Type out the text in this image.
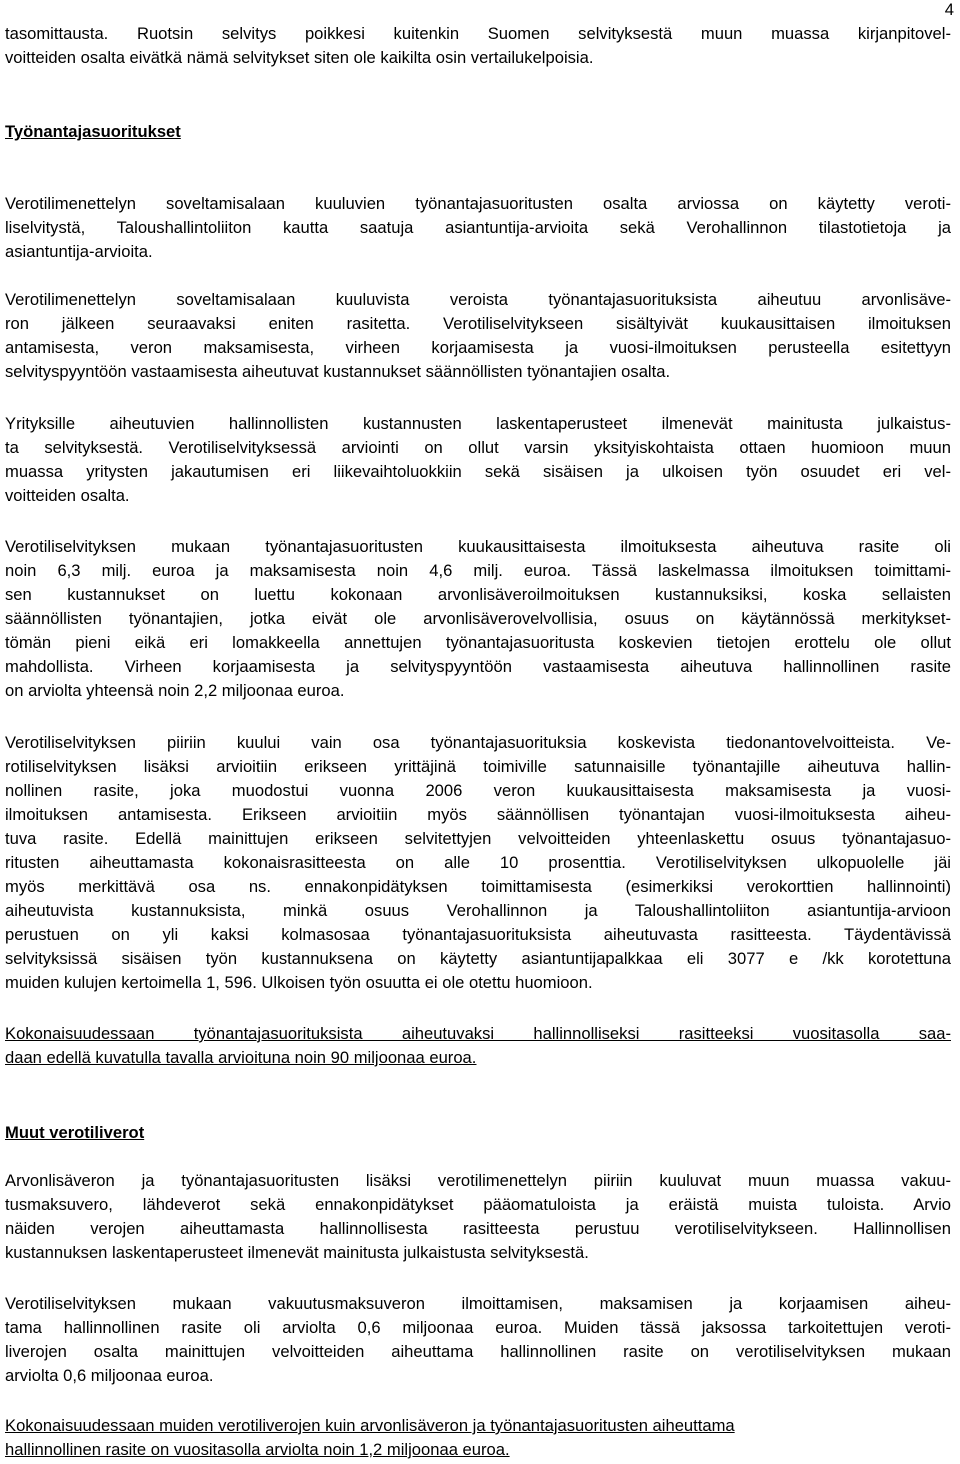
4
tasomittausta. Ruotsin selvitys poikkesi kuitenkin Suomen selvityksestä muun muassa kirjanpitovel-
voitteiden osalta eivätkä nämä selvitykset siten ole kaikilta osin vertailukelpoisia.
Työnantajasuoritukset
Verotilimenettelyn soveltamisalaan kuuluvien työnantajasuoritusten osalta arviossa on käytetty veroti-
liselvitystä, Taloushallintoliiton kautta saatuja asiantuntija-arvioita sekä Verohallinnon tilastotietoja ja
asiantuntija-arvioita.
Verotilimenettelyn soveltamisalaan kuuluvista veroista työnantajasuorituksista aiheutuu arvonlisäve-
ron jälkeen seuraavaksi eniten rasitetta. Verotiliselvitykseen sisältyivät kuukausittaisen ilmoituksen
antamisesta, veron maksamisesta, virheen korjaamisesta ja vuosi-ilmoituksen perusteella esitettyyn
selvityspyyntöön vastaamisesta aiheutuvat kustannukset säännöllisten työnantajien osalta.
Yrityksille aiheutuvien hallinnollisten kustannusten laskentaperusteet ilmenevät mainitusta julkaistus-
ta selvityksestä. Verotiliselvityksessä arviointi on ollut varsin yksityiskohtaista ottaen huomioon muun
muassa yritysten jakautumisen eri liikevaihtoluokkiin sekä sisäisen ja ulkoisen työn osuudet eri vel-
voitteiden osalta.
Verotiliselvityksen mukaan työnantajasuoritusten kuukausittaisesta ilmoituksesta aiheutuva rasite oli
noin 6,3 milj. euroa ja maksamisesta noin 4,6 milj. euroa. Tässä laskelmassa ilmoituksen toimittami-
sen kustannukset on luettu kokonaan arvonlisäveroilmoituksen kustannuksiksi, koska sellaisten
säännöllisten työnantajien, jotka eivät ole arvonlisäverovelvollisia, osuus on käytännössä merkitykset-
tömän pieni eikä eri lomakkeella annettujen työnantajasuoritusta koskevien tietojen erottelu ole ollut
mahdollista. Virheen korjaamisesta ja selvityspyyntöön vastaamisesta aiheutuva hallinnollinen rasite
on arviolta yhteensä noin 2,2 miljoonaa euroa.
Verotiliselvityksen piiriin kuului vain osa työnantajasuorituksia koskevista tiedonantovelvoitteista. Ve-
rotiliselvityksen lisäksi arvioitiin erikseen yrittäjinä toimiville satunnaisille työnantajille aiheutuva hallin-
nollinen rasite, joka muodostui vuonna 2006 veron kuukausittaisesta maksamisesta ja vuosi-
ilmoituksen antamisesta. Erikseen arvioitiin myös säännöllisen työnantajan vuosi-ilmoituksesta aiheu-
tuva rasite. Edellä mainittujen erikseen selvitettyjen velvoitteiden yhteenlaskettu osuus työnantajasuo-
ritusten aiheuttamasta kokonaisrasitteesta on alle 10 prosenttia. Verotiliselvityksen ulkopuolelle jäi
myös merkittävä osa ns. ennakonpidätyksen toimittamisesta (esimerkiksi verokorttien hallinnointi)
aiheutuvista kustannuksista, minkä osuus Verohallinnon ja Taloushallintoliiton asiantuntija-arvioon
perustuen on yli kaksi kolmasosaa työnantajasuorituksista aiheutuvasta rasitteesta. Täydentävissä
selvityksissä sisäisen työn kustannuksena on käytetty asiantuntijapalkkaa eli 3077 e /kk korotettuna
muiden kulujen kertoimella 1, 596. Ulkoisen työn osuutta ei ole otettu huomioon.
Kokonaisuudessaan työnantajasuorituksista aiheutuvaksi hallinnolliseksi rasitteeksi vuositasolla saa-
daan edellä kuvatulla tavalla arvioituna noin 90 miljoonaa euroa.
Muut verotiliverot
Arvonlisäveron ja työnantajasuoritusten lisäksi verotilimenettelyn piiriin kuuluvat muun muassa vakuu-
tusmaksuvero, lähdeverot sekä ennakonpidätykset pääomatuloista ja eräistä muista tuloista. Arvio
näiden verojen aiheuttamasta hallinnollisesta rasitteesta perustuu verotiliselvitykseen. Hallinnollisen
kustannuksen laskentaperusteet ilmenevät mainitusta julkaistusta selvityksestä.
Verotiliselvityksen mukaan vakuutusmaksuveron ilmoittamisen, maksamisen ja korjaamisen aiheu-
tama hallinnollinen rasite oli arviolta 0,6 miljoonaa euroa. Muiden tässä jaksossa tarkoitettujen veroti-
liverojen osalta mainittujen velvoitteiden aiheuttama hallinnollinen rasite on verotiliselvityksen mukaan
arviolta 0,6 miljoonaa euroa.
Kokonaisuudessaan muiden verotiliverojen kuin arvonlisäveron ja työnantajasuoritusten aiheuttama
hallinnollinen rasite on vuositasolla arviolta noin 1,2 miljoonaa euroa.
